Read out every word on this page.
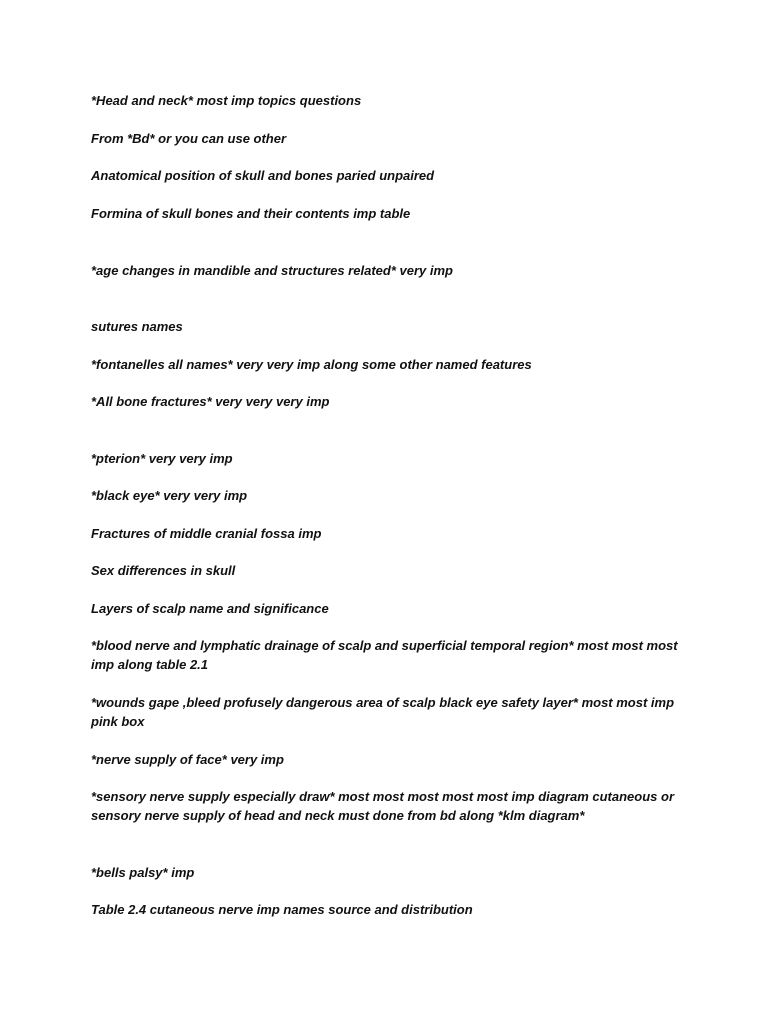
*Head and neck* most imp topics questions

From *Bd* or you can use other

Anatomical position of skull and bones paried unpaired

Formina of skull bones and their contents imp table

*age changes in mandible and structures related* very imp

sutures names

*fontanelles all names* very very imp along some other named features

*All bone fractures* very very very imp

*pterion* very very imp

*black eye* very very imp

Fractures of middle cranial fossa imp

Sex differences in skull

Layers of scalp name and significance

*blood nerve and lymphatic drainage of scalp and superficial temporal region* most most most imp along table 2.1

*wounds gape ,bleed profusely dangerous area of scalp black eye safety layer* most most imp pink box

*nerve supply of face* very imp

*sensory nerve supply especially draw* most most most most most imp diagram cutaneous or sensory nerve supply of head and neck must done from bd along *klm diagram*

*bells palsy* imp

Table 2.4 cutaneous nerve imp names source and distribution
